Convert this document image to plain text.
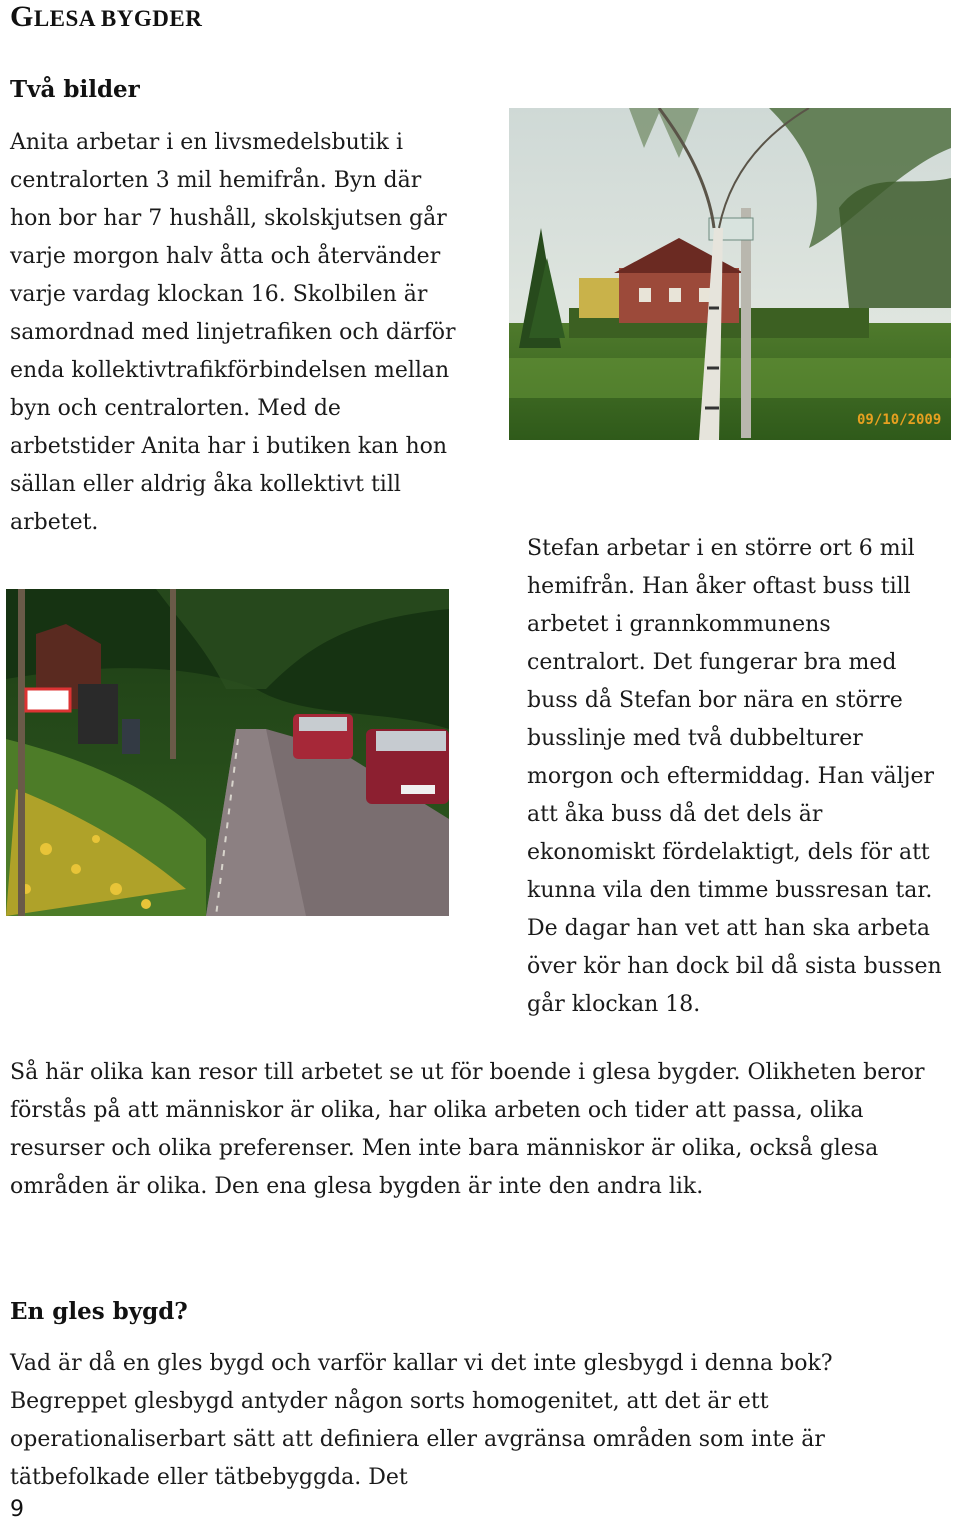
GLESA BYGDER
Två bilder

Anita arbetar i en livsmedelsbutik i centralorten 3 mil hemifrån. Byn där hon bor har 7 hushåll, skolskjutsen går varje morgon halv åtta och återvänder varje vardag klockan 16. Skolbilen är samordnad med linjetrafiken och därför enda kollektivtrafikförbindelsen mellan byn och centralorten. Med de arbetstider Anita har i butiken kan hon sällan eller aldrig åka kollektivt till arbetet.

09/10/2009

Stefan arbetar i en större ort 6 mil hemifrån. Han åker oftast buss till arbetet i grannkommunens centralort. Det fungerar bra med buss då Stefan bor nära en större busslinje med två dubbelturer morgon och eftermiddag. Han väljer att åka buss då det dels är ekonomiskt fördelaktigt, dels för att kunna vila den timme bussresan tar. De dagar han vet att han ska arbeta över kör han dock bil då sista bussen går klockan 18.

Så här olika kan resor till arbetet se ut för boende i glesa bygder. Olikheten beror förstås på att människor är olika, har olika arbeten och tider att passa, olika resurser och olika preferenser. Men inte bara människor är olika, också glesa områden är olika. Den ena glesa bygden är inte den andra lik.

En gles bygd?

Vad är då en gles bygd och varför kallar vi det inte glesbygd i denna bok? Begreppet glesbygd antyder någon sorts homogenitet, att det är ett operationaliserbart sätt att definiera eller avgränsa områden som inte är tätbefolkade eller tätbebyggda. Det

9
